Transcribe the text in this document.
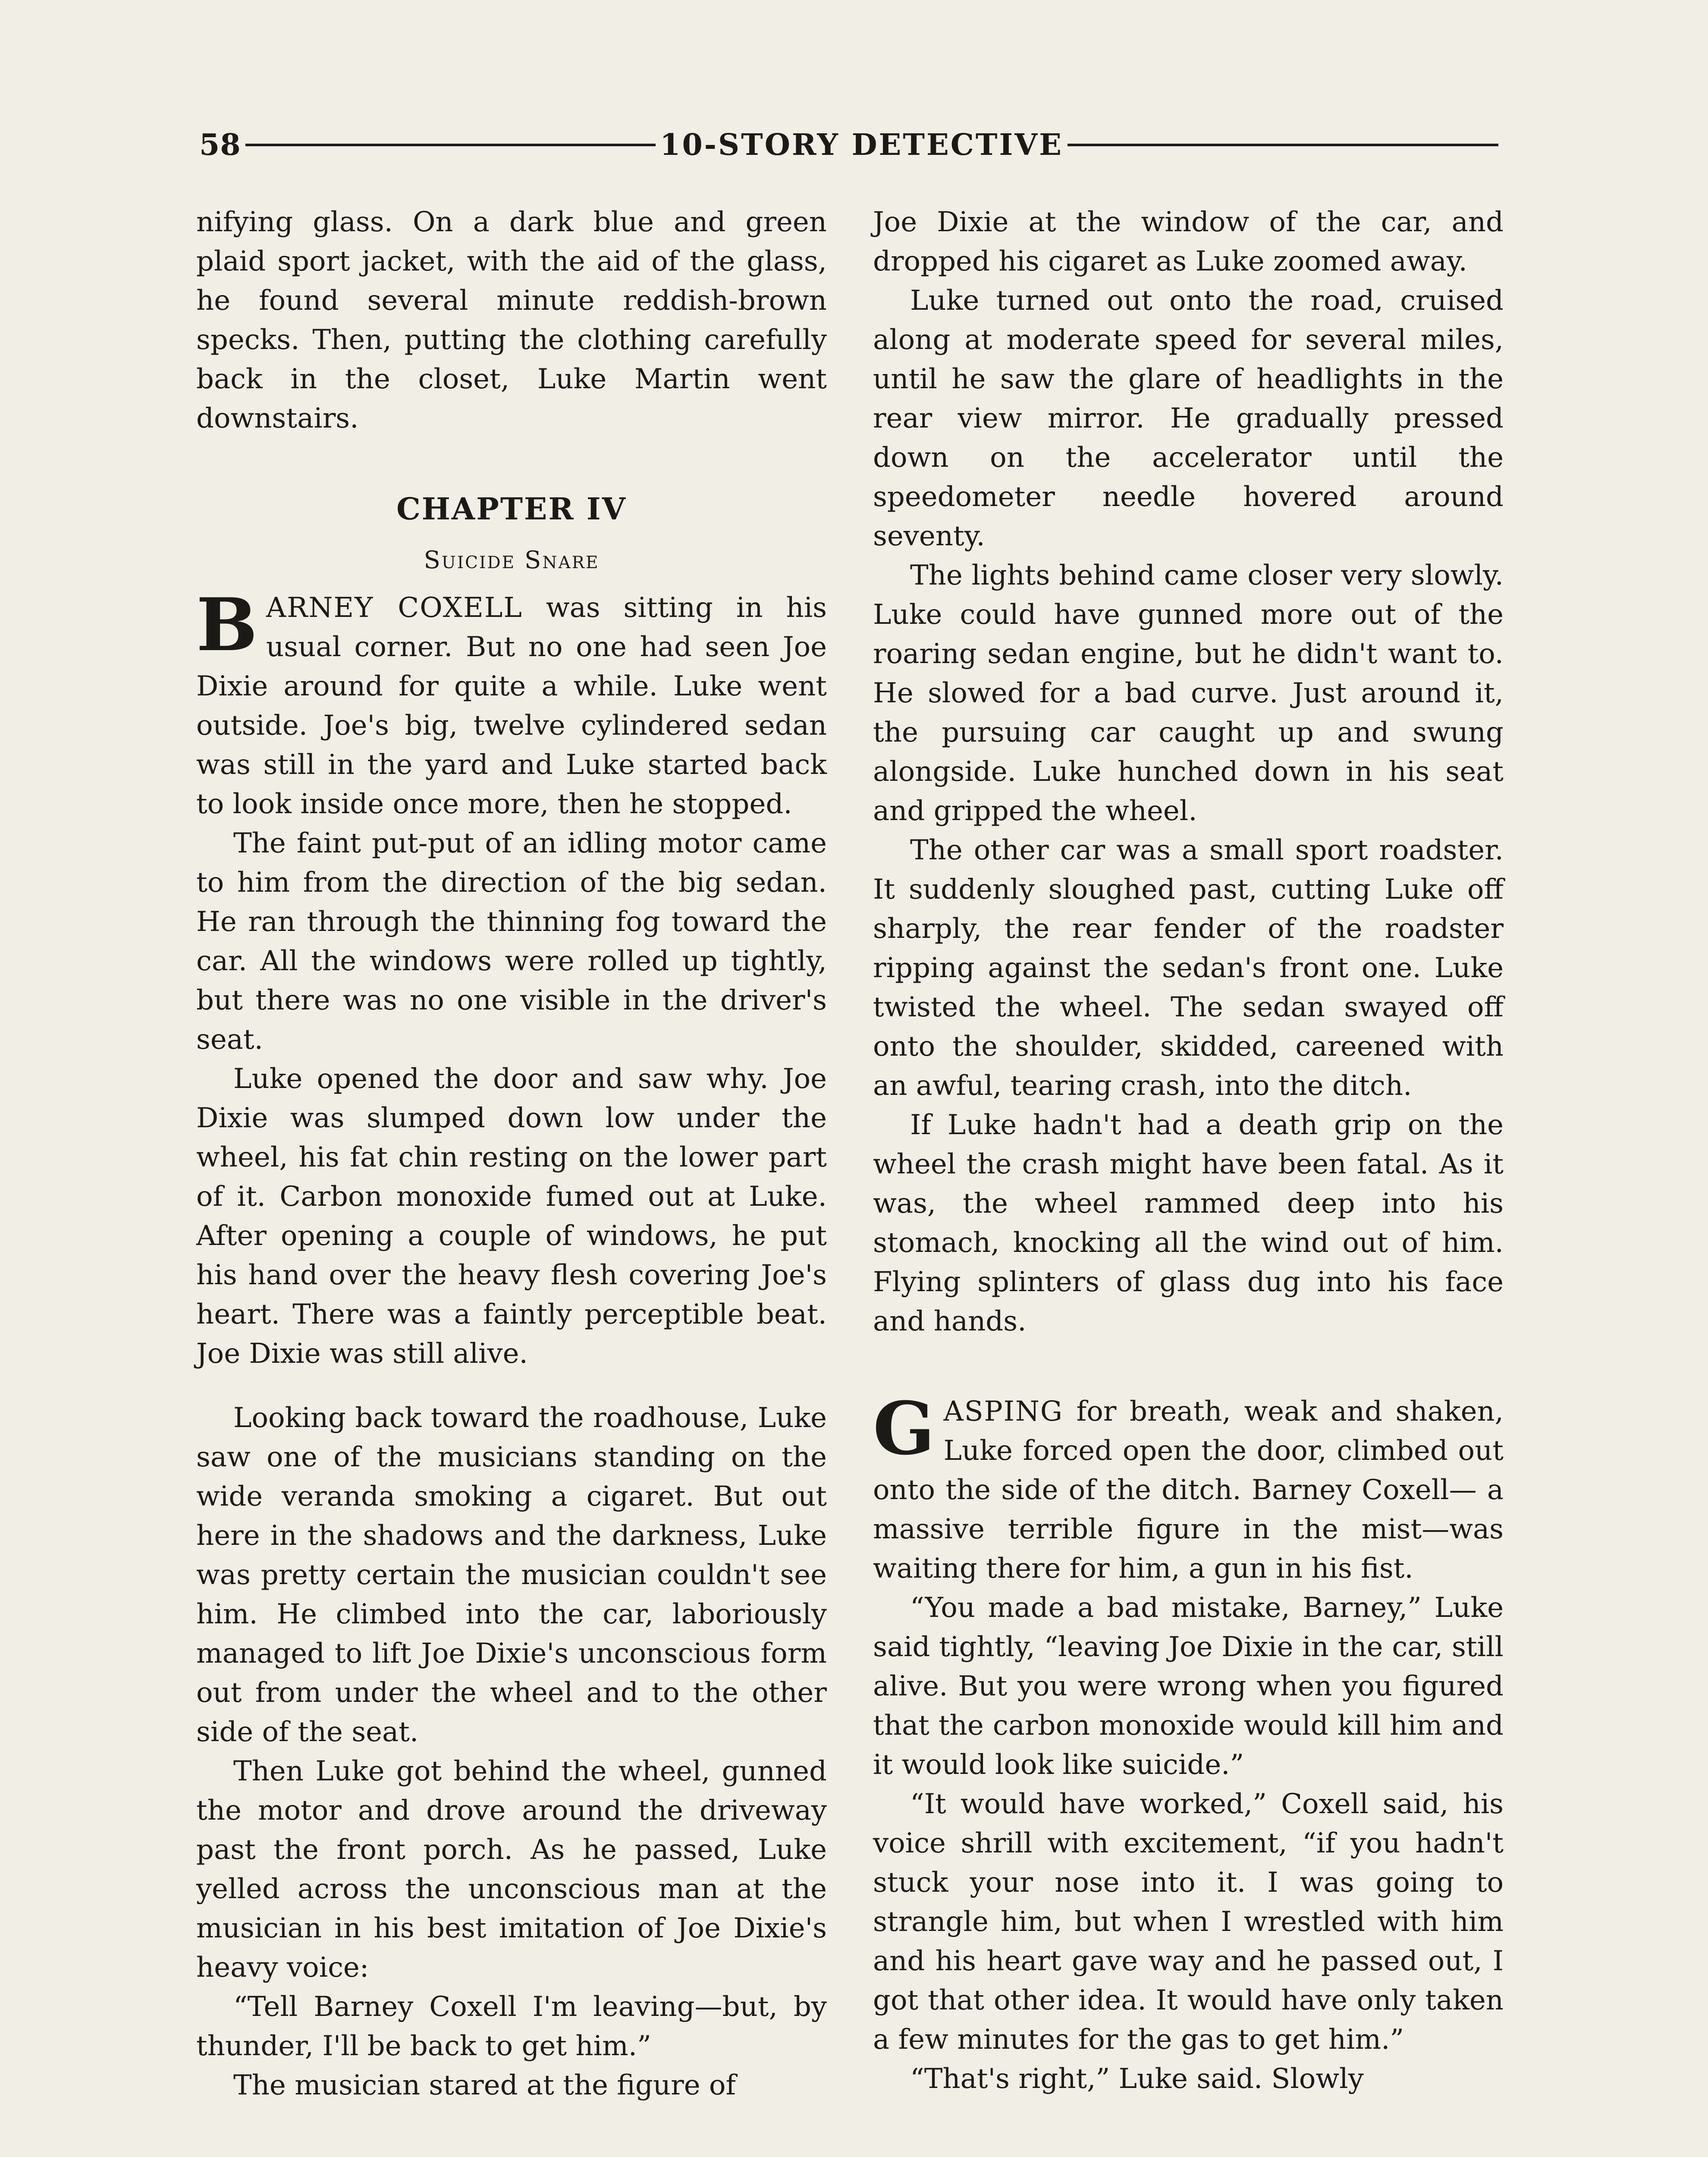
58	10-STORY DETECTIVE

nifying glass. On a dark blue and green plaid sport jacket, with the aid of the glass, he found several minute reddish-brown specks. Then, putting the clothing carefully back in the closet, Luke Martin went downstairs.

CHAPTER IV
Suicide Snare

BARNEY COXELL was sitting in his usual corner. But no one had seen Joe Dixie around for quite a while. Luke went outside. Joe's big, twelve cylindered sedan was still in the yard and Luke started back to look inside once more, then he stopped.

The faint put-put of an idling motor came to him from the direction of the big sedan. He ran through the thinning fog toward the car. All the windows were rolled up tightly, but there was no one visible in the driver's seat.

Luke opened the door and saw why. Joe Dixie was slumped down low under the wheel, his fat chin resting on the lower part of it. Carbon monoxide fumed out at Luke. After opening a couple of windows, he put his hand over the heavy flesh covering Joe's heart. There was a faintly perceptible beat. Joe Dixie was still alive.

Looking back toward the roadhouse, Luke saw one of the musicians standing on the wide veranda smoking a cigaret. But out here in the shadows and the darkness, Luke was pretty certain the musician couldn't see him. He climbed into the car, laboriously managed to lift Joe Dixie's unconscious form out from under the wheel and to the other side of the seat.

Then Luke got behind the wheel, gunned the motor and drove around the driveway past the front porch. As he passed, Luke yelled across the unconscious man at the musician in his best imitation of Joe Dixie's heavy voice:

“Tell Barney Coxell I'm leaving—but, by thunder, I'll be back to get him.”

The musician stared at the figure of

Joe Dixie at the window of the car, and dropped his cigaret as Luke zoomed away.

Luke turned out onto the road, cruised along at moderate speed for several miles, until he saw the glare of headlights in the rear view mirror. He gradually pressed down on the accelerator until the speedometer needle hovered around seventy.

The lights behind came closer very slowly. Luke could have gunned more out of the roaring sedan engine, but he didn't want to. He slowed for a bad curve. Just around it, the pursuing car caught up and swung alongside. Luke hunched down in his seat and gripped the wheel.

The other car was a small sport roadster. It suddenly sloughed past, cutting Luke off sharply, the rear fender of the roadster ripping against the sedan's front one. Luke twisted the wheel. The sedan swayed off onto the shoulder, skidded, careened with an awful, tearing crash, into the ditch.

If Luke hadn't had a death grip on the wheel the crash might have been fatal. As it was, the wheel rammed deep into his stomach, knocking all the wind out of him. Flying splinters of glass dug into his face and hands.

GASPING for breath, weak and shaken, Luke forced open the door, climbed out onto the side of the ditch. Barney Coxell— a massive terrible figure in the mist—was waiting there for him, a gun in his fist.

“You made a bad mistake, Barney,” Luke said tightly, “leaving Joe Dixie in the car, still alive. But you were wrong when you figured that the carbon monoxide would kill him and it would look like suicide.”

“It would have worked,” Coxell said, his voice shrill with excitement, “if you hadn't stuck your nose into it. I was going to strangle him, but when I wrestled with him and his heart gave way and he passed out, I got that other idea. It would have only taken a few minutes for the gas to get him.”

“That's right,” Luke said. Slowly
